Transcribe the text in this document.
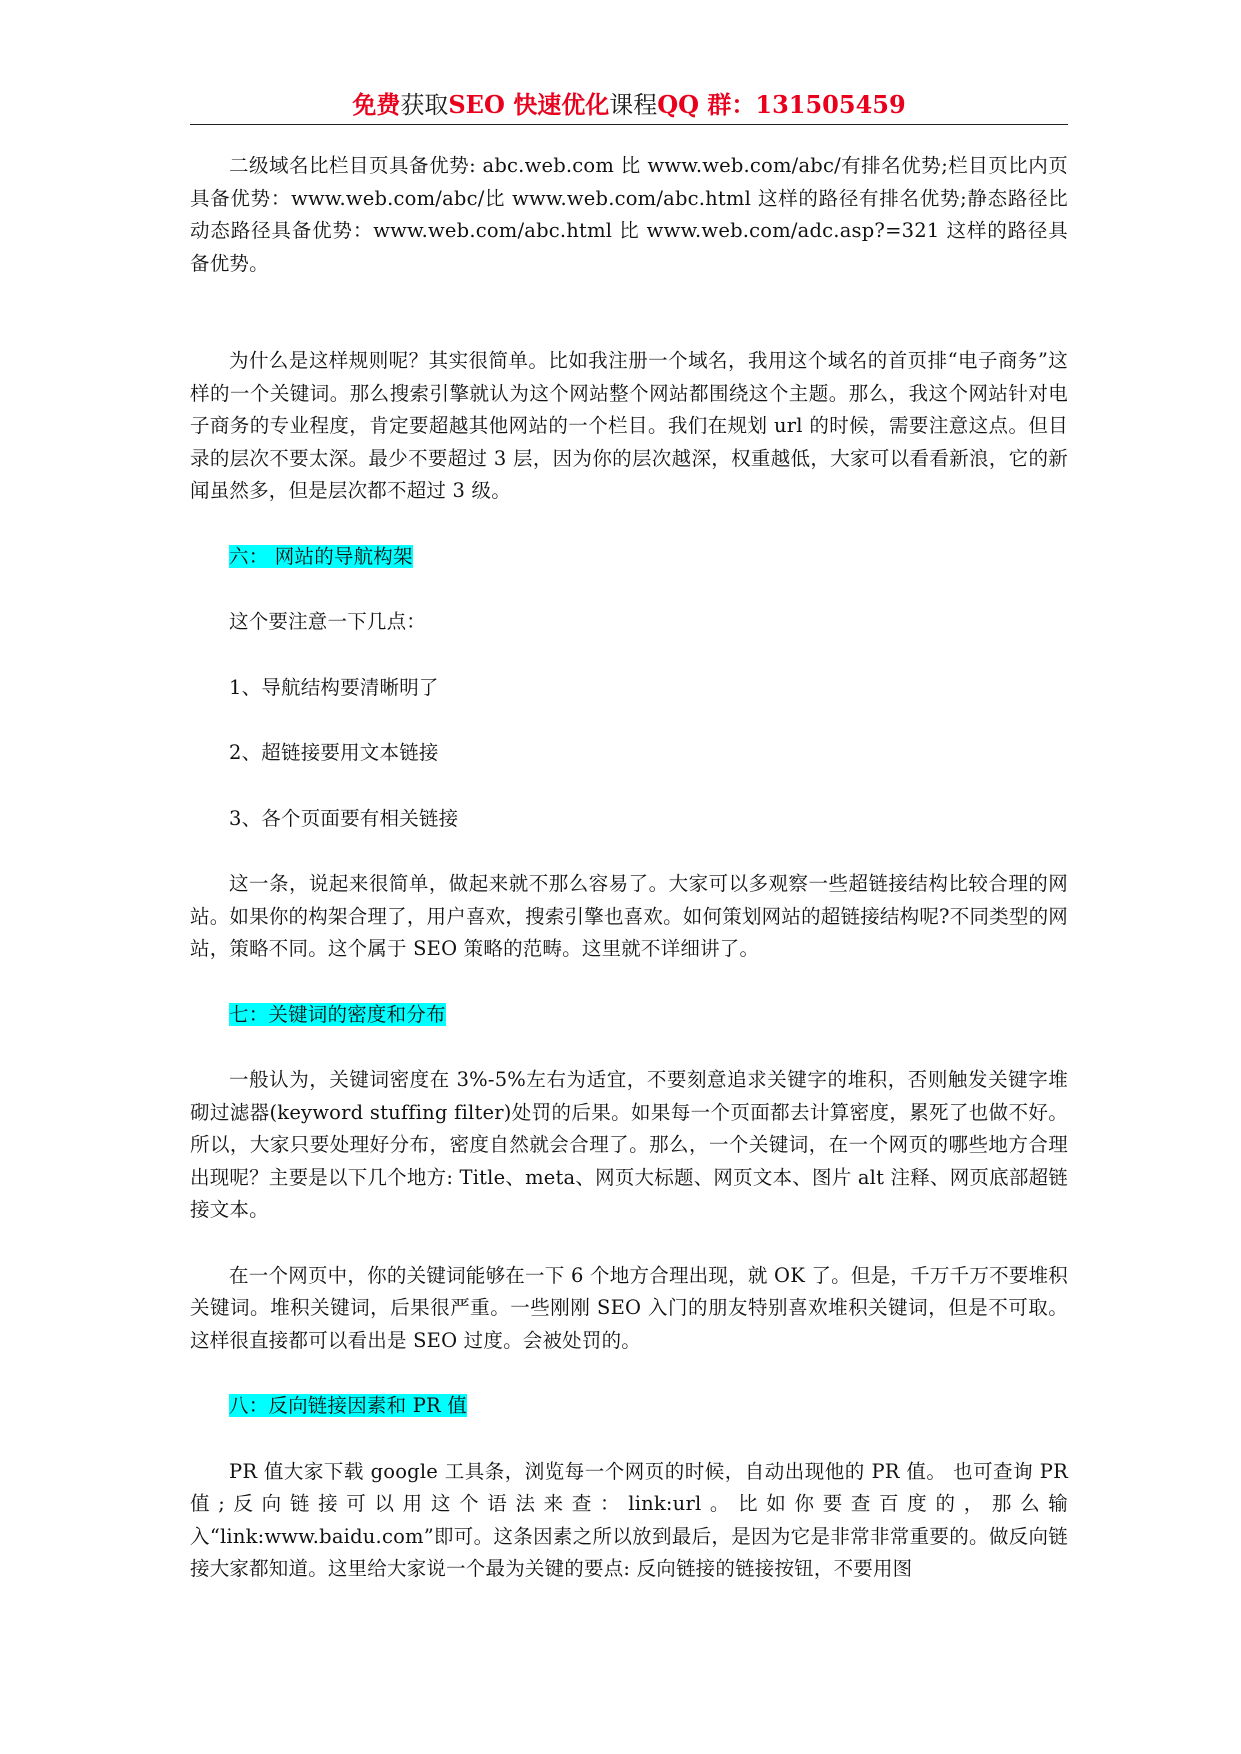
免费获取SEO 快速优化课程QQ 群：131505459

二级域名比栏目页具备优势: abc.web.com 比 www.web.com/abc/有排名优势;栏目页比内页具备优势：www.web.com/abc/比 www.web.com/abc.html 这样的路径有排名优势;静态路径比动态路径具备优势：www.web.com/abc.html 比 www.web.com/adc.asp?=321 这样的路径具备优势。

为什么是这样规则呢？其实很简单。比如我注册一个域名，我用这个域名的首页排“电子商务”这样的一个关键词。那么搜索引擎就认为这个网站整个网站都围绕这个主题。那么，我这个网站针对电子商务的专业程度，肯定要超越其他网站的一个栏目。我们在规划 url 的时候，需要注意这点。但目录的层次不要太深。最少不要超过 3 层，因为你的层次越深，权重越低，大家可以看看新浪，它的新闻虽然多，但是层次都不超过 3 级。

六： 网站的导航构架

这个要注意一下几点：

1、导航结构要清晰明了
2、超链接要用文本链接
3、各个页面要有相关链接

这一条，说起来很简单，做起来就不那么容易了。大家可以多观察一些超链接结构比较合理的网站。如果你的构架合理了，用户喜欢，搜索引擎也喜欢。如何策划网站的超链接结构呢?不同类型的网站，策略不同。这个属于 SEO 策略的范畴。这里就不详细讲了。

七：关键词的密度和分布

一般认为，关键词密度在 3%-5%左右为适宜，不要刻意追求关键字的堆积，否则触发关键字堆砌过滤器(keyword stuffing filter)处罚的后果。如果每一个页面都去计算密度，累死了也做不好。所以，大家只要处理好分布，密度自然就会合理了。那么，一个关键词，在一个网页的哪些地方合理出现呢？主要是以下几个地方: Title、meta、网页大标题、网页文本、图片 alt 注释、网页底部超链接文本。

在一个网页中，你的关键词能够在一下 6 个地方合理出现，就 OK 了。但是，千万千万不要堆积关键词。堆积关键词，后果很严重。一些刚刚 SEO 入门的朋友特别喜欢堆积关键词，但是不可取。这样很直接都可以看出是 SEO 过度。会被处罚的。

八：反向链接因素和 PR 值

PR 值大家下载 google 工具条，浏览每一个网页的时候，自动出现他的 PR 值。 也可查询 PR 值;反向链接可以用这个语法来查：link:url。比如你要查百度的，那么输入“link:www.baidu.com”即可。这条因素之所以放到最后，是因为它是非常非常重要的。做反向链接大家都知道。这里给大家说一个最为关键的要点: 反向链接的链接按钮，不要用图
